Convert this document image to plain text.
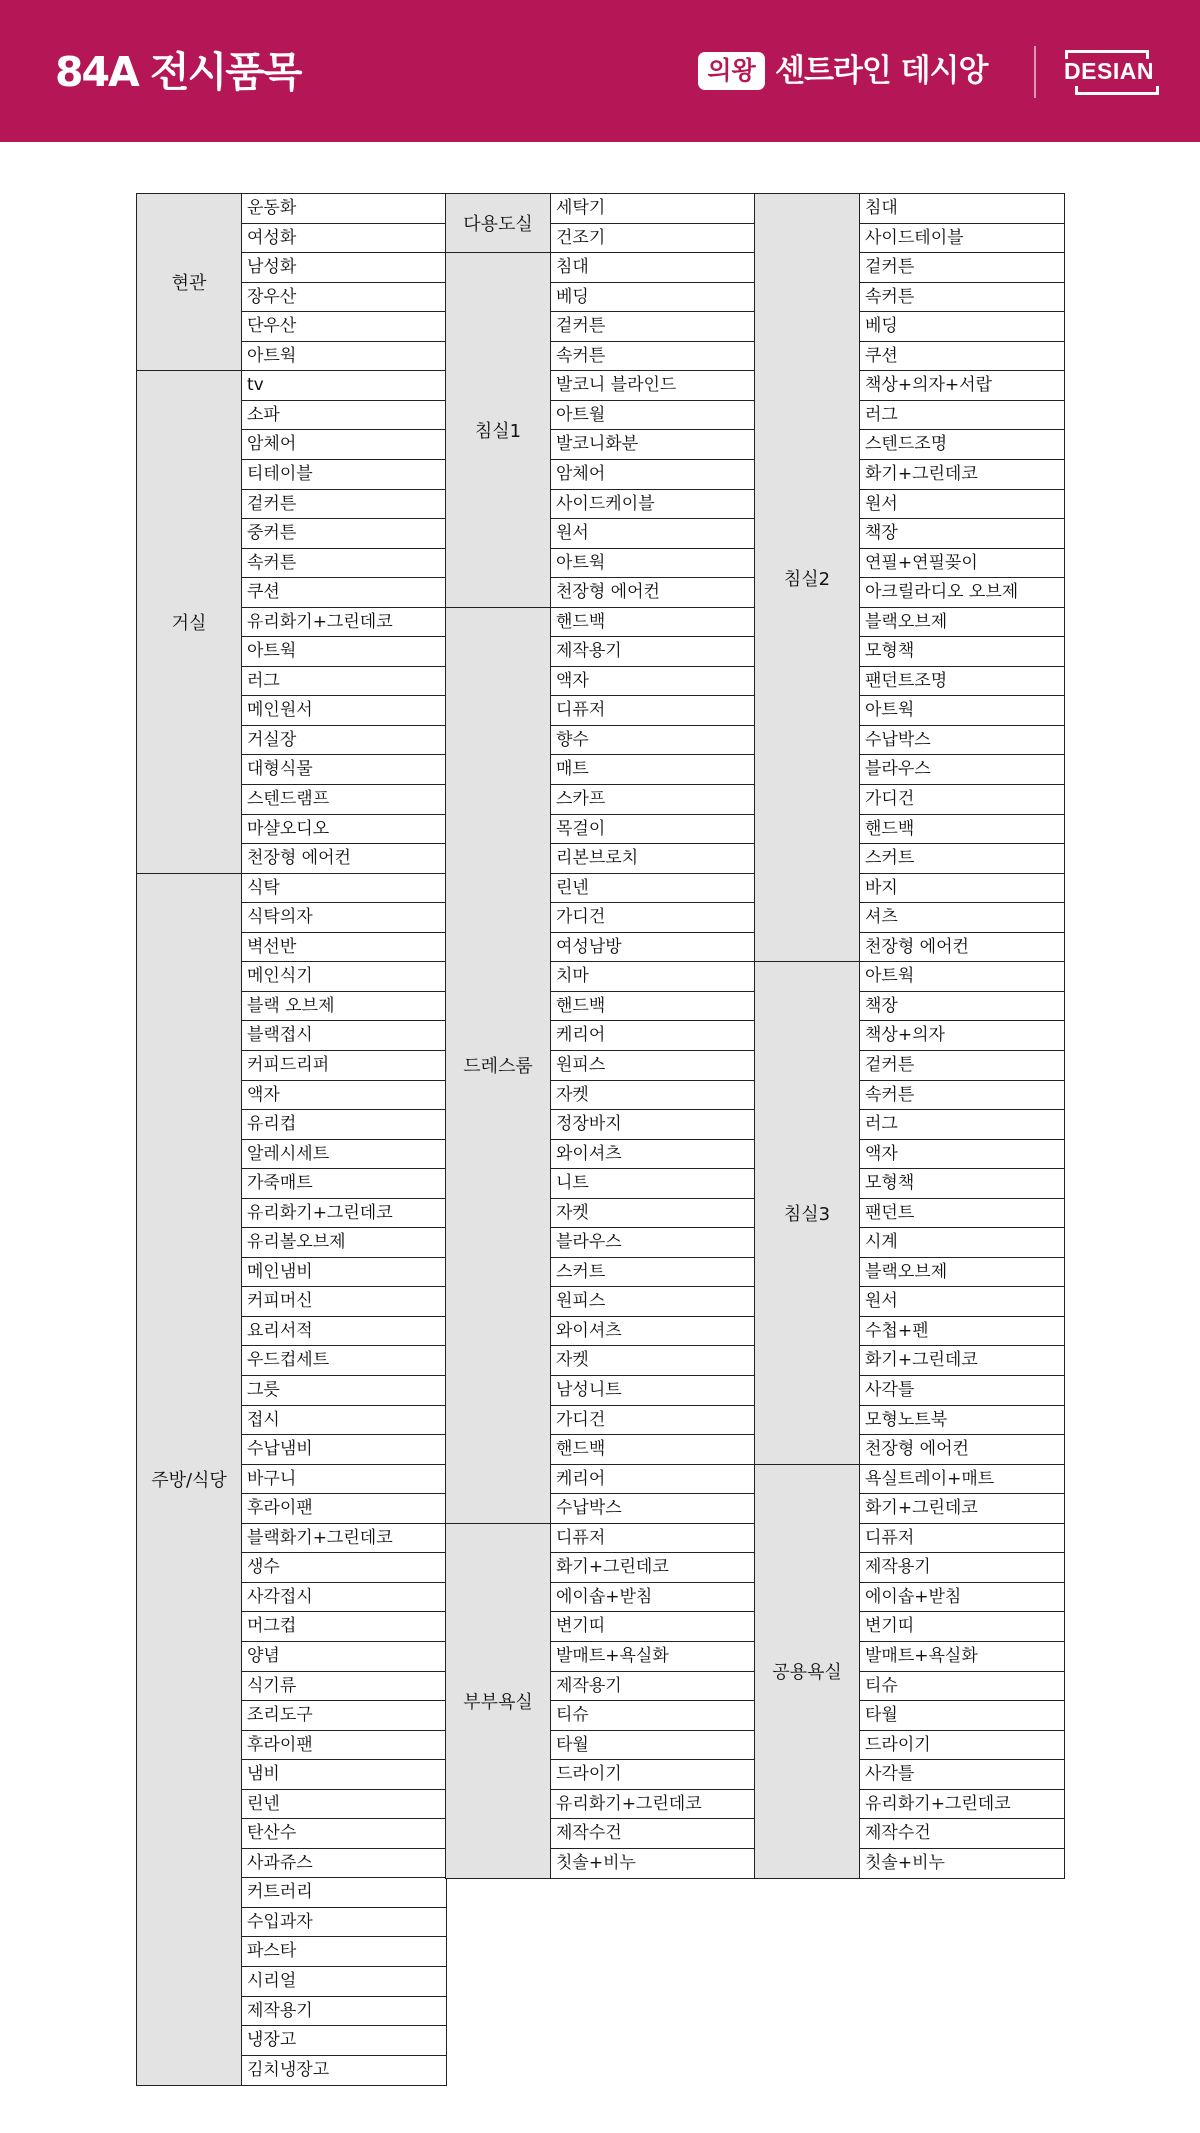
84A 전시품목	의왕 센트라인 데시앙	DESIAN
현관
운동화
여성화
남성화
장우산
단우산
아트웍
거실
tv
소파
암체어
티테이블
겉커튼
중커튼
속커튼
쿠션
유리화기+그린데코
아트웍
러그
메인원서
거실장
대형식물
스텐드램프
마샬오디오
천장형 에어컨
주방/식당
식탁
식탁의자
벽선반
메인식기
블랙 오브제
블랙접시
커피드리퍼
액자
유리컵
알레시세트
가죽매트
유리화기+그린데코
유리볼오브제
메인냄비
커피머신
요리서적
우드컵세트
그릇
접시
수납냄비
바구니
후라이팬
블랙화기+그린데코
생수
사각접시
머그컵
양념
식기류
조리도구
후라이팬
냄비
린넨
탄산수
사과쥬스
커트러리
수입과자
파스타
시리얼
제작용기
냉장고
김치냉장고
다용도실
세탁기
건조기
침실1
침대
베딩
겉커튼
속커튼
발코니 블라인드
아트월
발코니화분
암체어
사이드케이블
원서
아트웍
천장형 에어컨
드레스룸
핸드백
제작용기
액자
디퓨저
향수
매트
스카프
목걸이
리본브로치
린넨
가디건
여성남방
치마
핸드백
케리어
원피스
자켓
정장바지
와이셔츠
니트
자켓
블라우스
스커트
원피스
와이셔츠
자켓
남성니트
가디건
핸드백
케리어
수납박스
부부욕실
디퓨저
화기+그린데코
에이솝+받침
변기띠
발매트+욕실화
제작용기
티슈
타월
드라이기
유리화기+그린데코
제작수건
칫솔+비누
침실2
침대
사이드테이블
겉커튼
속커튼
베딩
쿠션
책상+의자+서랍
러그
스텐드조명
화기+그린데코
원서
책장
연필+연필꽂이
아크릴라디오 오브제
블랙오브제
모형책
팬던트조명
아트웍
수납박스
블라우스
가디건
핸드백
스커트
바지
셔츠
천장형 에어컨
침실3
아트웍
책장
책상+의자
겉커튼
속커튼
러그
액자
모형책
팬던트
시계
블랙오브제
원서
수첩+펜
화기+그린데코
사각틀
모형노트북
천장형 에어컨
공용욕실
욕실트레이+매트
화기+그린데코
디퓨저
제작용기
에이솝+받침
변기띠
발매트+욕실화
티슈
타월
드라이기
사각틀
유리화기+그린데코
제작수건
칫솔+비누
